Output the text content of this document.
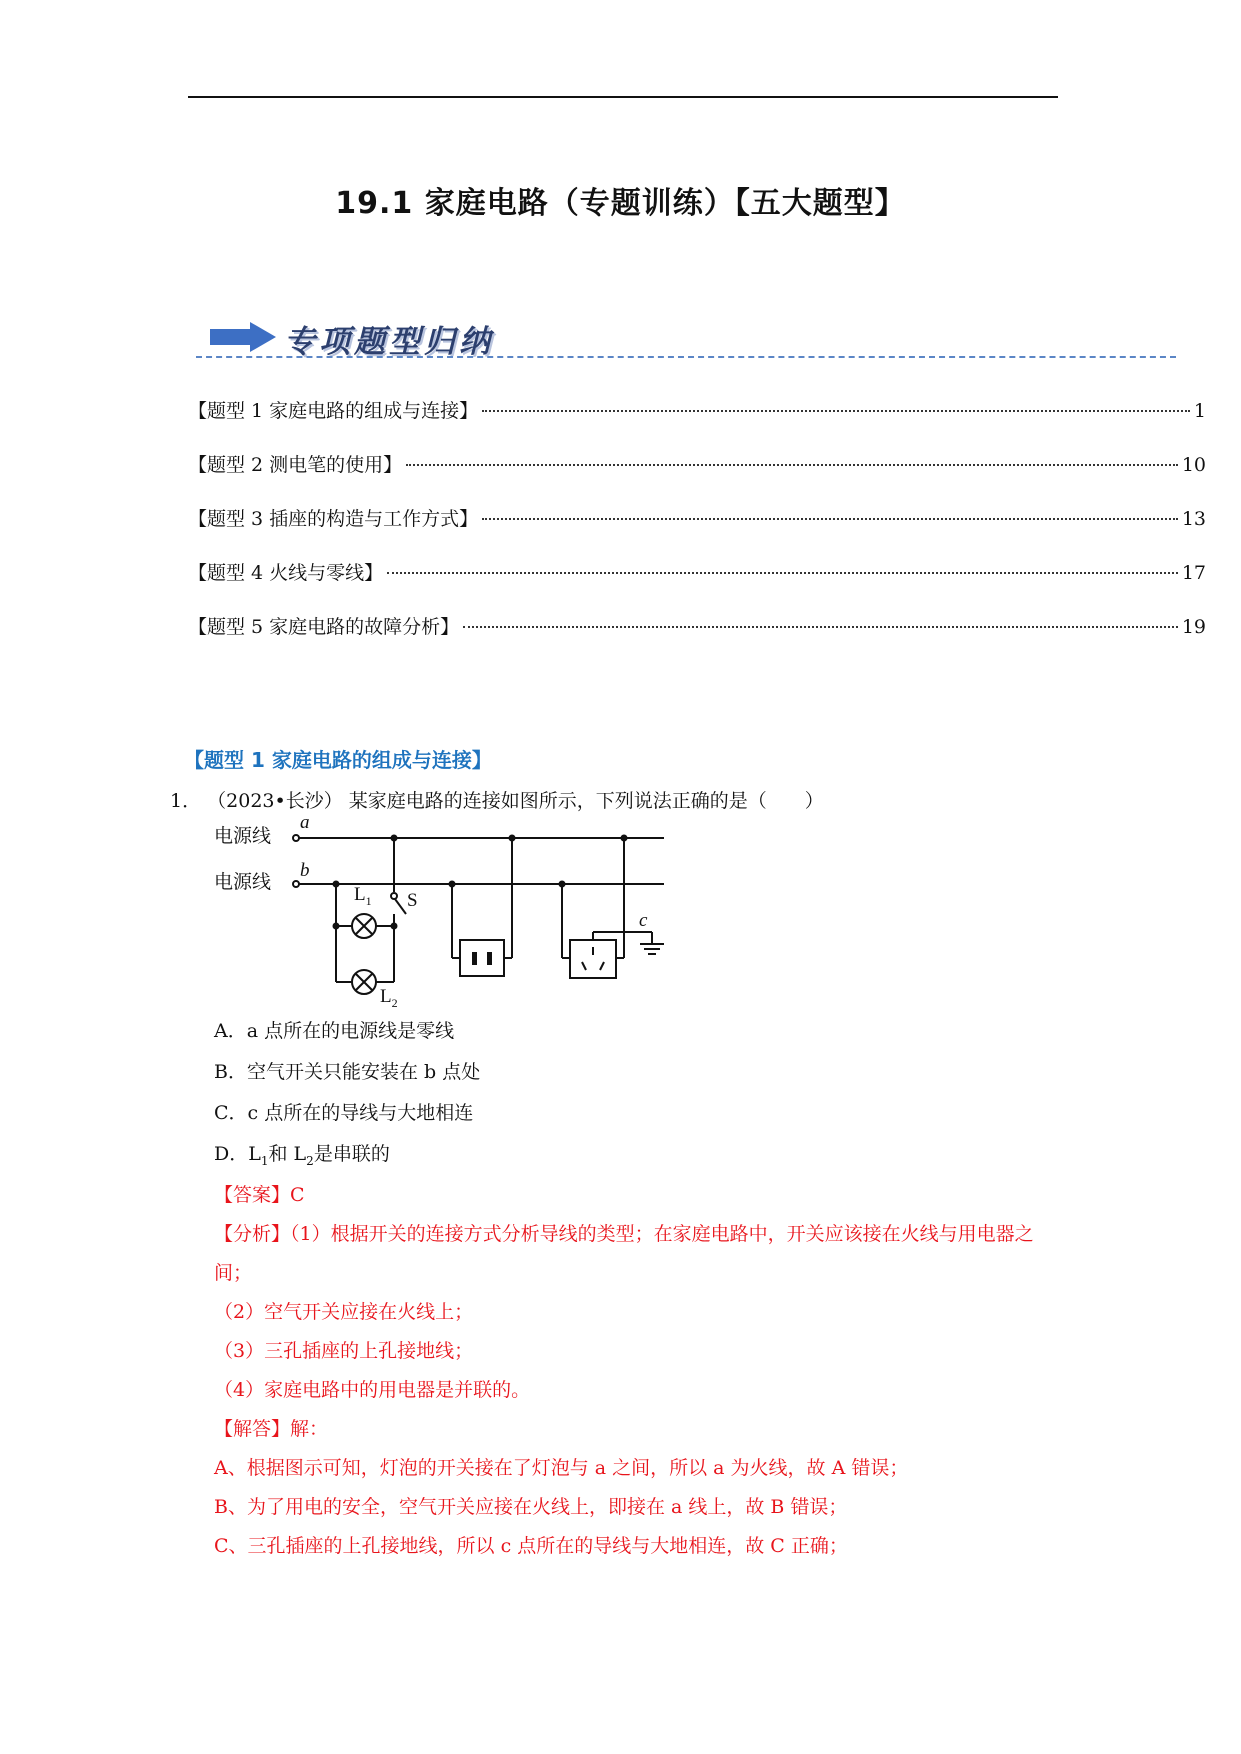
19.1 家庭电路（专题训练）【五大题型】
专项题型归纳
【题型 1 家庭电路的组成与连接】	1
【题型 2 测电笔的使用】	10
【题型 3 插座的构造与工作方式】	13
【题型 4 火线与零线】	17
【题型 5 家庭电路的故障分析】	19
【题型 1 家庭电路的组成与连接】
1． （2023•长沙） 某家庭电路的连接如图所示，下列说法正确的是（　　）
电源线
电源线
a
b
c
S
$L_1$
$L_2$
A．a 点所在的电源线是零线
B．空气开关只能安装在 b 点处
C．c 点所在的导线与大地相连
D．$L_1$和 $L_2$是串联的

【答案】C

【分析】（1）根据开关的连接方式分析导线的类型；在家庭电路中，开关应该接在火线与用电器之间；

（2）空气开关应接在火线上；

（3）三孔插座的上孔接地线；

（4）家庭电路中的用电器是并联的。

【解答】解：

A、根据图示可知，灯泡的开关接在了灯泡与 a 之间，所以 a 为火线，故 A 错误；

B、为了用电的安全，空气开关应接在火线上，即接在 a 线上，故 B 错误；

C、三孔插座的上孔接地线，所以 c 点所在的导线与大地相连，故 C 正确；
